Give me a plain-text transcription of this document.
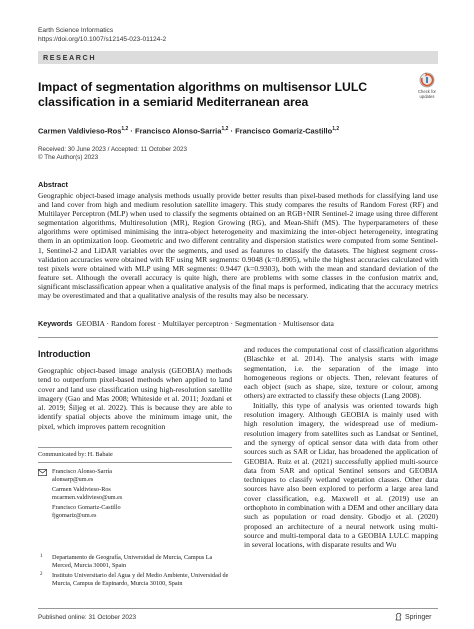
Earth Science Informatics
https://doi.org/10.1007/s12145-023-01124-2
RESEARCH
Check for
updates
Impact of segmentation algorithms on multisensor LULC classification in a semiarid Mediterranean area
Carmen Valdivieso-Ros$^{1,2}$ · Francisco Alonso-Sarria$^{1,2}$ · Francisco Gomariz-Castillo$^{1,2}$
Received: 30 June 2023 / Accepted: 11 October 2023
© The Author(s) 2023
Abstract
Geographic object-based image analysis methods usually provide better results than pixel-based methods for classifying land use and land cover from high and medium resolution satellite imagery. This study compares the results of Random Forest (RF) and Multilayer Perceptron (MLP) when used to classify the segments obtained on an RGB+NIR Sentinel-2 image using three different segmentation algorithms, Multiresolution (MR), Region Growing (RG), and Mean-Shift (MS). The hyperparameters of these algorithms were optimised minimising the intra-object heterogeneity and maximizing the inter-object heterogeneity, integrating them in an optimization loop. Geometric and two different centrality and dispersion statistics were computed from some Sentinel-1, Sentinel-2 and LiDAR variables over the segments, and used as features to classify the datasets. The highest segment cross-validation accuracies were obtained with RF using MR segments: 0.9048 (k=0.8905), while the highest accuracies calculated with test pixels were obtained with MLP using MR segments: 0.9447 (k=0.9303), both with the mean and standard deviation of the feature set. Although the overall accuracy is quite high, there are problems with some classes in the confusion matrix and, significant misclassification appear when a qualitative analysis of the final maps is performed, indicating that the accuracy metrics may be overestimated and that a qualitative analysis of the results may also be necessary.
Keywords GEOBIA · Random forest · Multilayer perceptron · Segmentation · Multisensor data
Introduction

Geographic object-based image analysis (GEOBIA) methods tend to outperform pixel-based methods when applied to land cover and land use classification using high-resolution satellite imagery (Gao and Mas 2008; Whiteside et al. 2011; Jozdani et al. 2019; Šiljeg et al. 2022). This is because they are able to identify spatial objects above the minimum image unit, the pixel, which improves pattern recognition

and reduces the computational cost of classification algorithms (Blaschke et al. 2014). The analysis starts with image segmentation, i.e. the separation of the image into homogeneous regions or objects. Then, relevant features of each object (such as shape, size, texture or colour, among others) are extracted to classify these objects (Lang 2008).

Initially, this type of analysis was oriented towards high resolution imagery. Although GEOBIA is mainly used with high resolution imagery, the widespread use of medium-resolution imagery from satellites such as Landsat or Sentinel, and the synergy of optical sensor data with data from other sources such as SAR or Lidar, has broadened the application of GEOBIA. Ruiz et al. (2021) successfully applied multi-source data from SAR and optical Sentinel sensors and GEOBIA techniques to classify wetland vegetation classes. Other data sources have also been explored to perform a large area land cover classification, e.g. Maxwell et al. (2019) use an orthophoto in combination with a DEM and other ancillary data such as population or road density. Gbodjo et al. (2020) proposed an architecture of a neural network using multi-source and multi-temporal data to a GEOBIA LULC mapping in several locations, with disparate results and Wu

Communicated by: H. Babaie
Francisco Alonso-Sarría
alonsarp@um.es
Carmen Valdivieso-Ros
mcarmen.valdivieso@um.es
Francisco Gomariz-Castillo
fjgomariz@um.es
1 Departamento de Geografía, Universidad de Murcia, Campus La Merced, Murcia 30001, Spain
2 Instituto Universitario del Agua y del Medio Ambiente, Universidad de Murcia, Campus de Espinardo, Murcia 30100, Spain
Published online: 31 October 2023	Springer
